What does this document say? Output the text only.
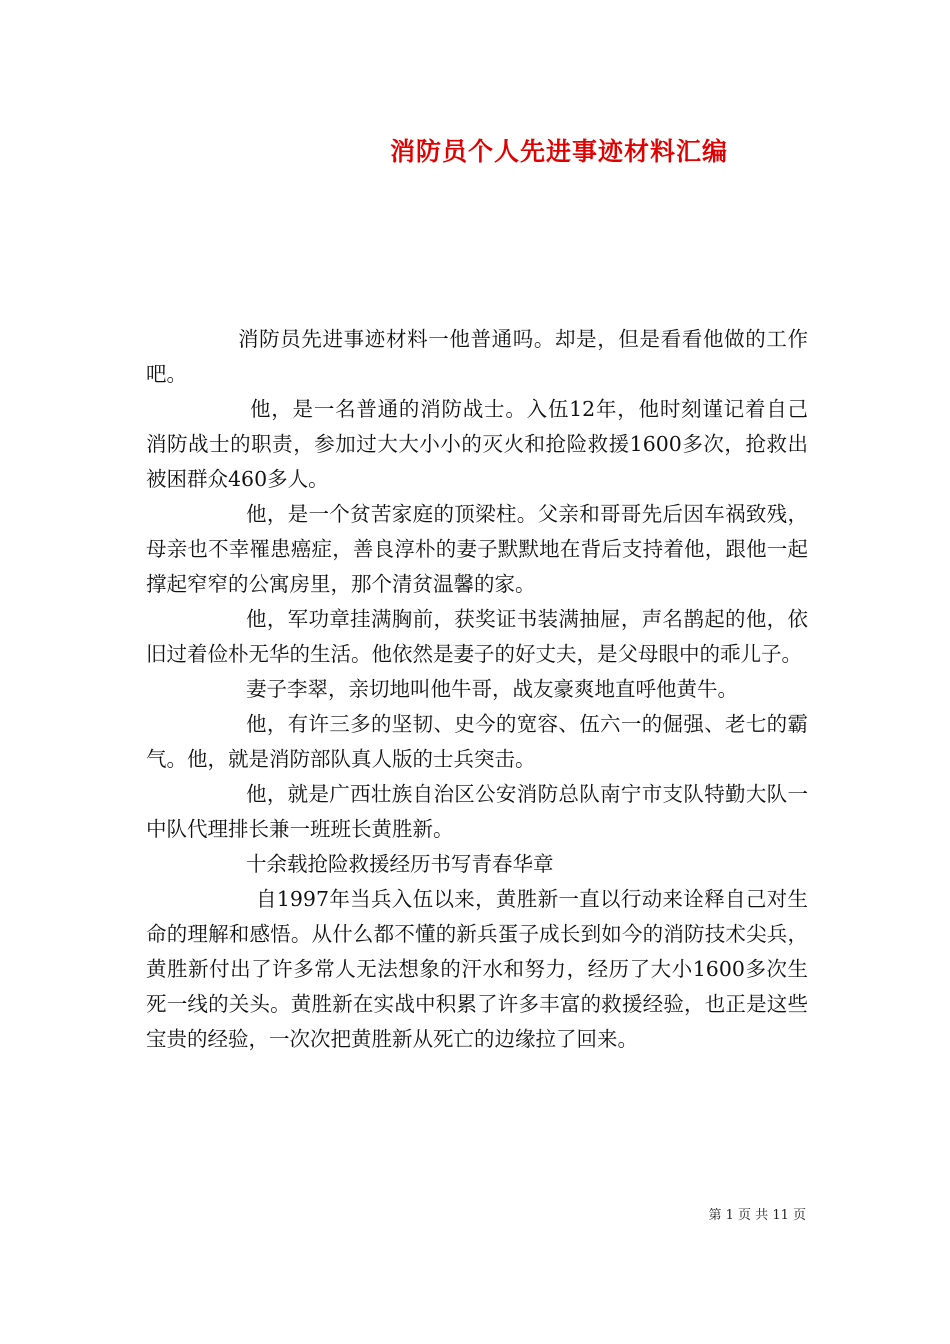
消防员个人先进事迹材料汇编

消防员先进事迹材料一他普通吗。却是，但是看看他做的工作吧。

他，是一名普通的消防战士。入伍12年，他时刻谨记着自己消防战士的职责，参加过大大小小的灭火和抢险救援1600多次，抢救出被困群众460多人。

他，是一个贫苦家庭的顶梁柱。父亲和哥哥先后因车祸致残，母亲也不幸罹患癌症，善良淳朴的妻子默默地在背后支持着他，跟他一起撑起窄窄的公寓房里，那个清贫温馨的家。

他，军功章挂满胸前，获奖证书装满抽屉，声名鹊起的他，依旧过着俭朴无华的生活。他依然是妻子的好丈夫，是父母眼中的乖儿子。

妻子李翠，亲切地叫他牛哥，战友豪爽地直呼他黄牛。

他，有许三多的坚韧、史今的宽容、伍六一的倔强、老七的霸气。他，就是消防部队真人版的士兵突击。

他，就是广西壮族自治区公安消防总队南宁市支队特勤大队一中队代理排长兼一班班长黄胜新。

十余载抢险救援经历书写青春华章

自1997年当兵入伍以来，黄胜新一直以行动来诠释自己对生命的理解和感悟。从什么都不懂的新兵蛋子成长到如今的消防技术尖兵，黄胜新付出了许多常人无法想象的汗水和努力，经历了大小1600多次生死一线的关头。黄胜新在实战中积累了许多丰富的救援经验，也正是这些宝贵的经验，一次次把黄胜新从死亡的边缘拉了回来。

第 1 页 共 11 页
